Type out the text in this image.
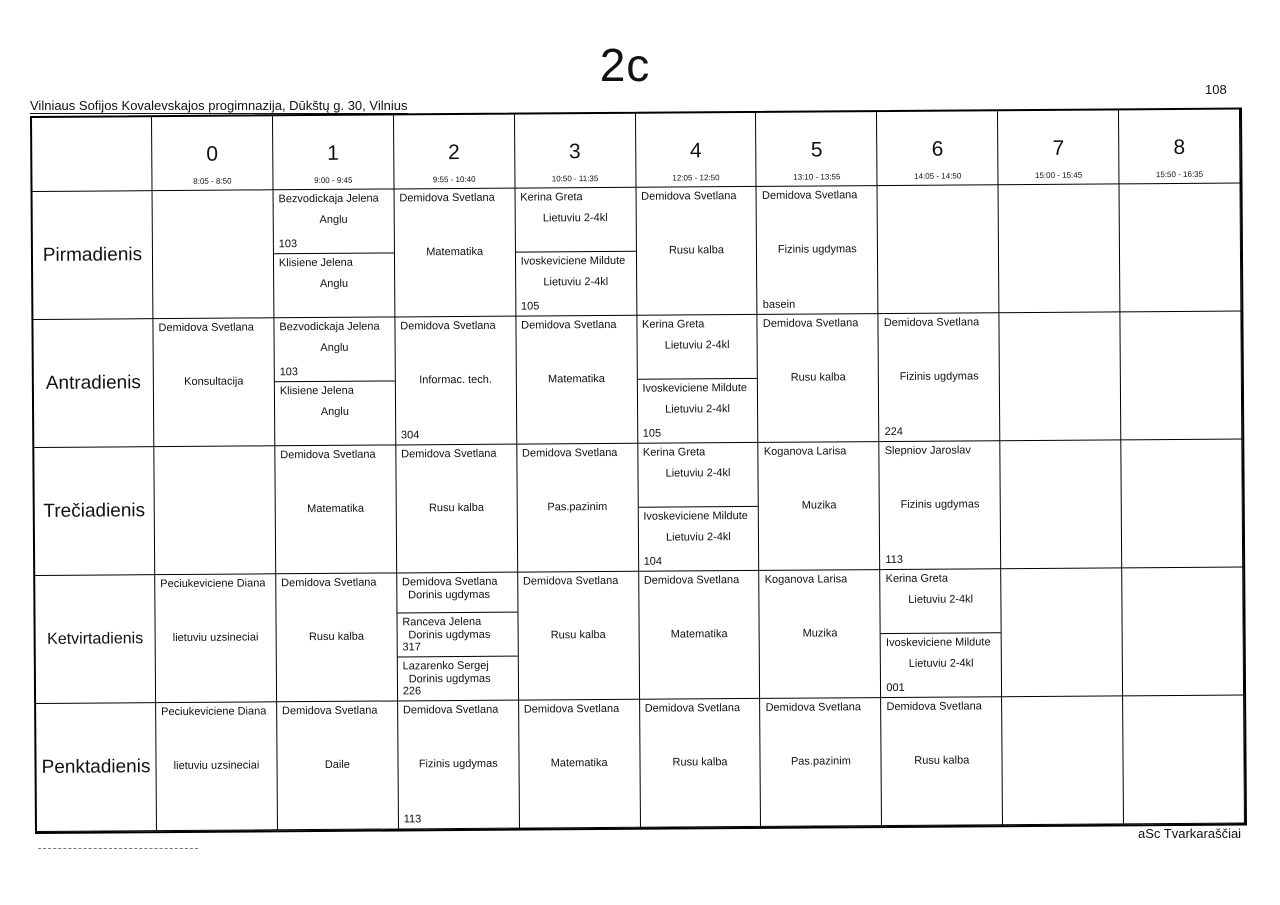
2c	108
Vilniaus Sofijos Kovalevskajos progimnazija, Dūkštų g. 30, Vilnius
0
8:05 - 8:50
1
9:00 - 9:45
2
9:55 - 10:40
3
10:50 - 11:35
4
12:05 - 12:50
5
13:10 - 13:55
6
14:05 - 14:50
7
15:00 - 15:45
8
15:50 - 16:35
Pirmadienis
Bezvodickaja Jelena
Anglu
103
Klisiene Jelena
Anglu
Demidova Svetlana
Matematika
Kerina Greta
Lietuviu 2-4kl
Ivoskeviciene Mildute
Lietuviu 2-4kl
105
Demidova Svetlana
Rusu kalba
Demidova Svetlana
Fizinis ugdymas
basein
Antradienis
Demidova Svetlana
Konsultacija
Bezvodickaja Jelena
Anglu
103
Klisiene Jelena
Anglu
Demidova Svetlana
Informac. tech.
304
Demidova Svetlana
Matematika
Kerina Greta
Lietuviu 2-4kl
Ivoskeviciene Mildute
Lietuviu 2-4kl
105
Demidova Svetlana
Rusu kalba
Demidova Svetlana
Fizinis ugdymas
224
Trečiadienis
Demidova Svetlana
Matematika
Demidova Svetlana
Rusu kalba
Demidova Svetlana
Pas.pazinim
Kerina Greta
Lietuviu 2-4kl
Ivoskeviciene Mildute
Lietuviu 2-4kl
104
Koganova Larisa
Muzika
Slepniov Jaroslav
Fizinis ugdymas
113
Ketvirtadienis
Peciukeviciene Diana
lietuviu uzsineciai
Demidova Svetlana
Rusu kalba
Demidova Svetlana
Dorinis ugdymas
Ranceva Jelena
Dorinis ugdymas
317
Lazarenko Sergej
Dorinis ugdymas
226
Demidova Svetlana
Rusu kalba
Demidova Svetlana
Matematika
Koganova Larisa
Muzika
Kerina Greta
Lietuviu 2-4kl
Ivoskeviciene Mildute
Lietuviu 2-4kl
001
Penktadienis
Peciukeviciene Diana
lietuviu uzsineciai
Demidova Svetlana
Daile
Demidova Svetlana
Fizinis ugdymas
113
Demidova Svetlana
Matematika
Demidova Svetlana
Rusu kalba
Demidova Svetlana
Pas.pazinim
Demidova Svetlana
Rusu kalba
aSc Tvarkaraščiai
